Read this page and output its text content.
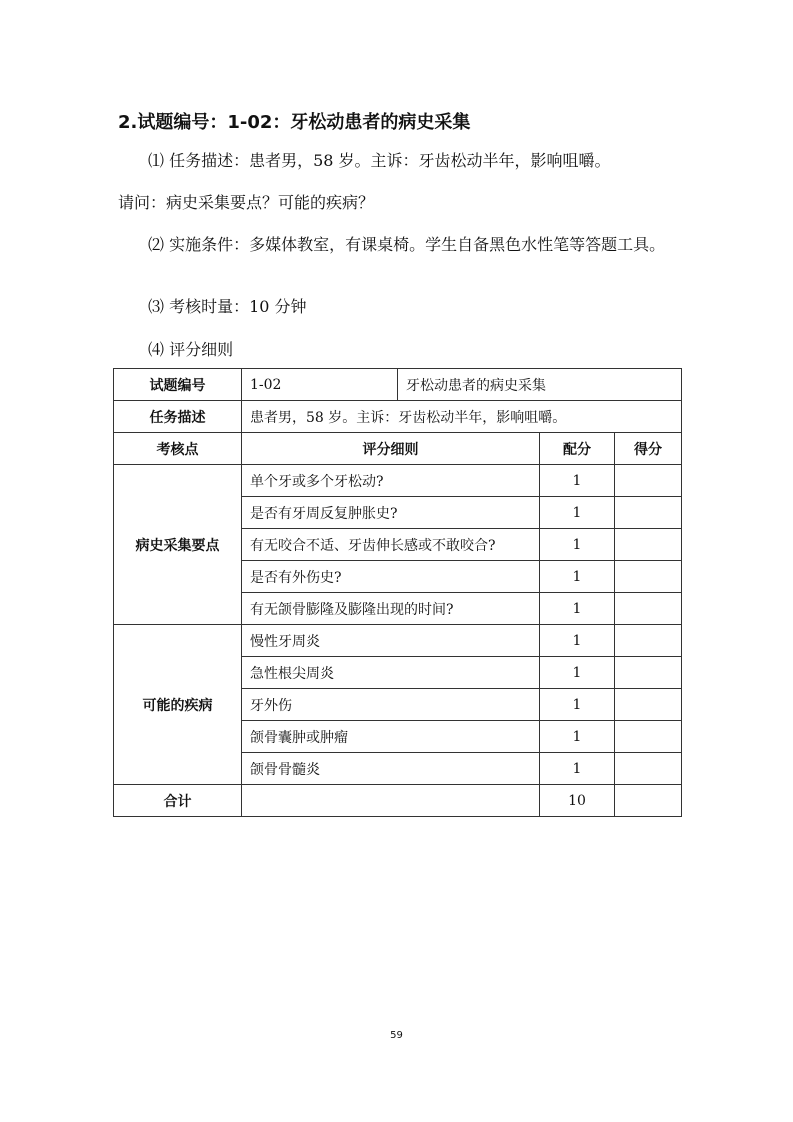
2.试题编号：1-02：牙松动患者的病史采集
⑴ 任务描述：患者男，58 岁。主诉：牙齿松动半年，影响咀嚼。
请问：病史采集要点？可能的疾病？
⑵ 实施条件：多媒体教室，有课桌椅。学生自备黑色水性笔等答题工具。
⑶ 考核时量：10 分钟
⑷ 评分细则
试题编号	1-02	牙松动患者的病史采集		
任务描述	患者男，58 岁。主诉：牙齿松动半年，影响咀嚼。			
考核点	评分细则		配分	得分
病史采集要点	单个牙或多个牙松动?		1	
	是否有牙周反复肿胀史?		1	
	有无咬合不适、牙齿伸长感或不敢咬合?		1	
	是否有外伤史?		1	
	有无颌骨膨隆及膨隆出现的时间?		1	
可能的疾病	慢性牙周炎		1	
	急性根尖周炎		1	
	牙外伤		1	
	颌骨囊肿或肿瘤		1	
	颌骨骨髓炎		1	
合计			10	
59
